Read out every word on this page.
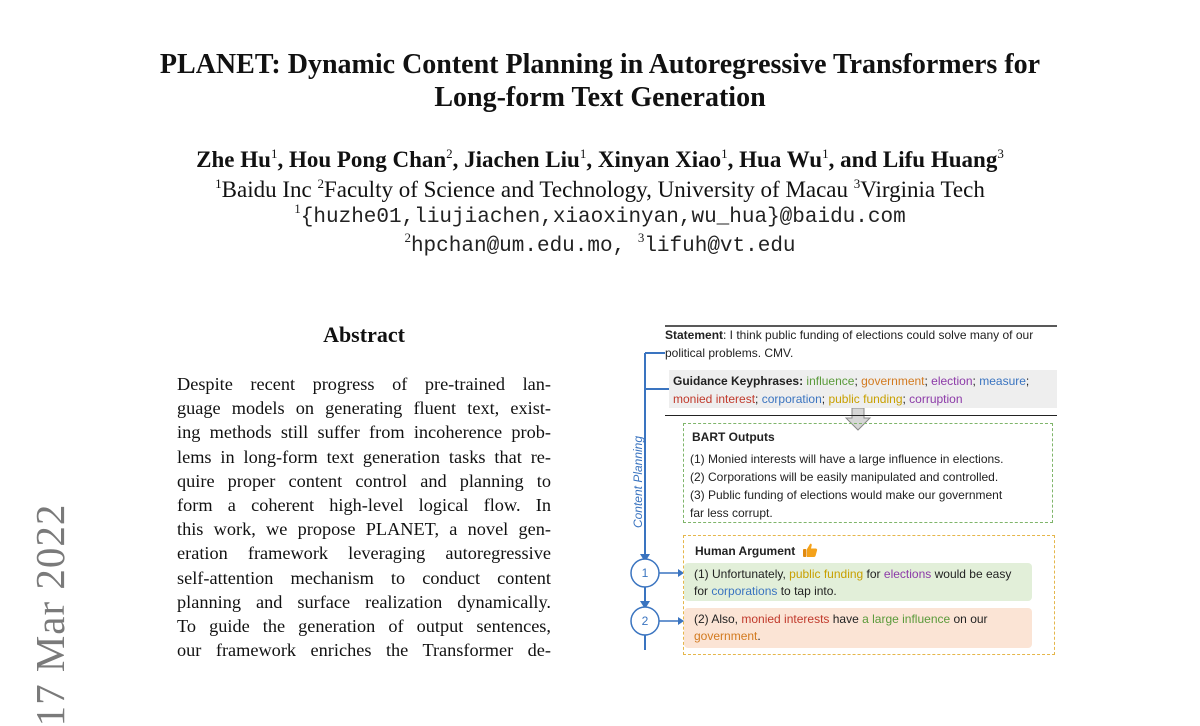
PLANET: Dynamic Content Planning in Autoregressive Transformers for
Long-form Text Generation
Zhe Hu$^1$, Hou Pong Chan$^2$, Jiachen Liu$^1$, Xinyan Xiao$^1$, Hua Wu$^1$, and Lifu Huang$^3$
$^1$Baidu Inc $^2$Faculty of Science and Technology, University of Macau $^3$Virginia Tech
$^1${huzhe01,liujiachen,xiaoxinyan,wu_hua}@baidu.com
$^2$hpchan@um.edu.mo, $^3$lifuh@vt.edu
17 Mar 2022
Abstract
Despite recent progress of pre-trained lan-
guage models on generating fluent text, exist-
ing methods still suffer from incoherence prob-
lems in long-form text generation tasks that re-
quire proper content control and planning to
form a coherent high-level logical flow. In
this work, we propose PLANET, a novel gen-
eration framework leveraging autoregressive
self-attention mechanism to conduct content
planning and surface realization dynamically.
To guide the generation of output sentences,
our framework enriches the Transformer de-
1
2
Statement: I think public funding of elections could solve many of our political problems. CMV.
Guidance Keyphrases: influence; government; election; measure; monied interest; corporation; public funding; corruption
Content Planning	BART Outputs
(1) Monied interests will have a large influence in elections.
(2) Corporations will be easily manipulated and controlled.
(3) Public funding of elections would make our government
far less corrupt.
Human Argument
(1) Unfortunately, public funding for elections would be easy for corporations to tap into.
(2) Also, monied interests have a large influence on our government.
